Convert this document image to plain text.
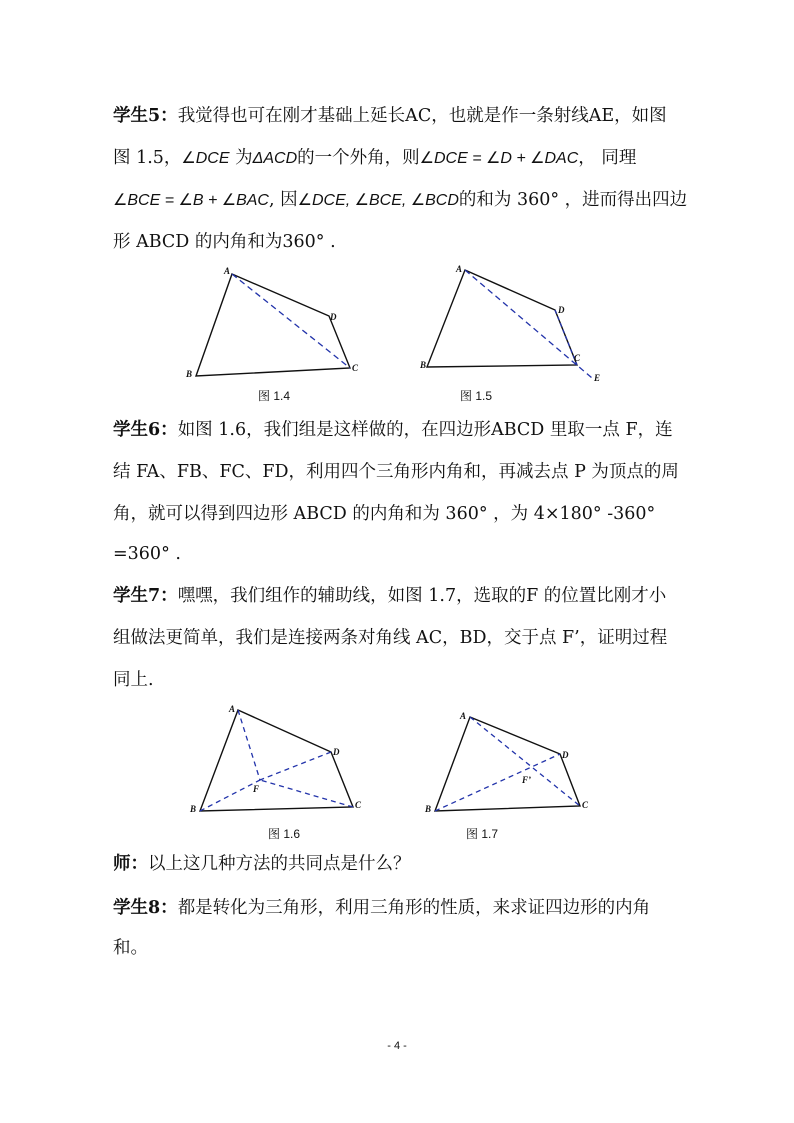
学生5：我觉得也可在刚才基础上延长AC，也就是作一条射线AE，如图
图 1.5，∠DCE 为ΔACD的一个外角，则∠DCE = ∠D + ∠DAC， 同理
∠BCE = ∠B + ∠BAC, 因∠DCE, ∠BCE, ∠BCD的和为 360° ，进而得出四边
形 ABCD 的内角和为360° .
A
B
C
D
图 1.4
A
B
C
D
E
图 1.5
学生6：如图 1.6，我们组是这样做的，在四边形ABCD 里取一点 F，连
结 FA、FB、FC、FD，利用四个三角形内角和，再减去点 P 为顶点的周
角，就可以得到四边形 ABCD 的内角和为 360° ，为 4×180° -360°
=360° .
学生7：嘿嘿，我们组作的辅助线，如图 1.7，选取的F 的位置比刚才小
组做法更简单，我们是连接两条对角线 AC，BD，交于点 F’，证明过程
同上.
A
B	C
D
F
图 1.6
A
B	C
D
F’
图 1.7
师：以上这几种方法的共同点是什么？
学生8：都是转化为三角形，利用三角形的性质，来求证四边形的内角
和。
- 4 -
